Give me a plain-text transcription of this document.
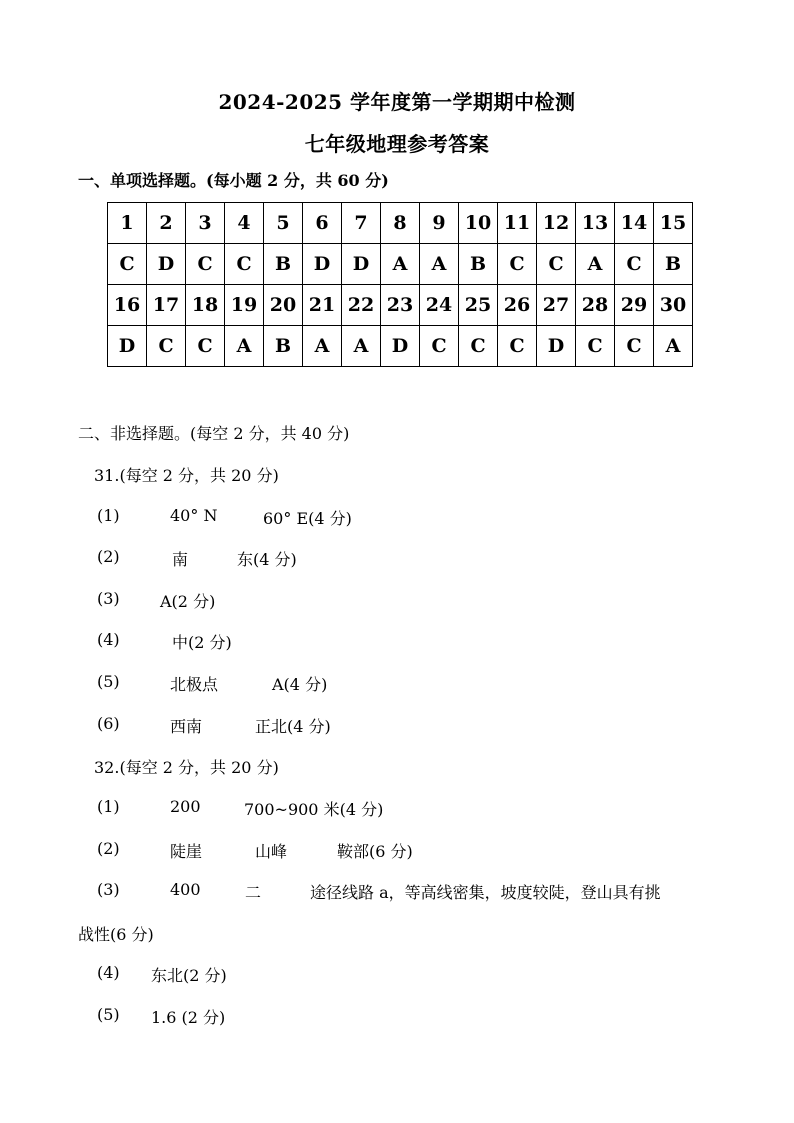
2024-2025 学年度第一学期期中检测
七年级地理参考答案
一、单项选择题。(每小题 2 分，共 60 分)
1	2	3	4	5	6	7	8	9	10	11	12	13	14	15
C	D	C	C	B	D	D	A	A	B	C	C	A	C	B
16	17	18	19	20	21	22	23	24	25	26	27	28	29	30
D	C	C	A	B	A	A	D	C	C	C	D	C	C	A
二、非选择题。(每空 2 分，共 40 分)
31.(每空 2 分，共 20 分)
(1)	40° N	60° E(4 分)
(2)	南	东(4 分)
(3)	A(2 分)
(4)	中(2 分)
(5)	北极点	A(4 分)
(6)	西南	正北(4 分)
32.(每空 2 分，共 20 分)
(1)	200	700~900 米(4 分)
(2)	陡崖	山峰	鞍部(6 分)
(3)	400	二	途径线路 a，等高线密集，坡度较陡，登山具有挑
战性(6 分)
(4) 东北(2 分)
(5) 1.6 (2 分)
